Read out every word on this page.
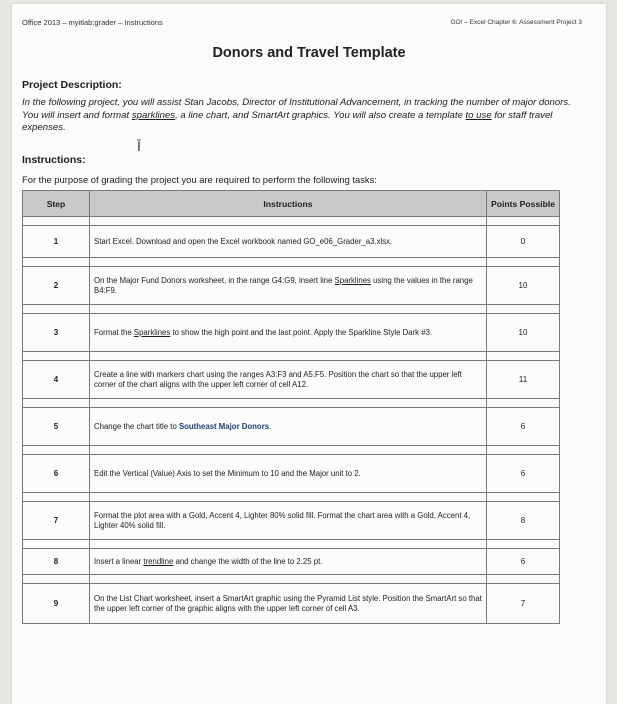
Office 2013 – myitlab:grader – Instructions	GO! – Excel Chapter 6: Assessment Project 3
Donors and Travel Template
Project Description:
In the following project, you will assist Stan Jacobs, Director of Institutional Advancement, in tracking the number of major donors. You will insert and format sparklines, a line chart, and SmartArt graphics. You will also create a template to use for staff travel expenses.
Ī
Instructions:
For the purpose of grading the project you are required to perform the following tasks:
Step	Instructions	Points Possible

1	Start Excel. Download and open the Excel workbook named GO_e06_Grader_a3.xlsx.	0

2	On the Major Fund Donors worksheet, in the range G4:G9, insert line Sparklines using the values in the range B4:F9.	10

3	Format the Sparklines to show the high point and the last point. Apply the Sparkline Style Dark #3.	10

4	Create a line with markers chart using the ranges A3:F3 and A5:F5. Position the chart so that the upper left corner of the chart aligns with the upper left corner of cell A12.	11

5	Change the chart title to Southeast Major Donors.	6

6	Edit the Vertical (Value) Axis to set the Minimum to 10 and the Major unit to 2.	6

7	Format the plot area with a Gold, Accent 4, Lighter 80% solid fill. Format the chart area with a Gold, Accent 4, Lighter 40% solid fill.	8

8	Insert a linear trendline and change the width of the line to 2.25 pt.	6

9	On the List Chart worksheet, insert a SmartArt graphic using the Pyramid List style. Position the SmartArt so that the upper left corner of the graphic aligns with the upper left corner of cell A3.	7
